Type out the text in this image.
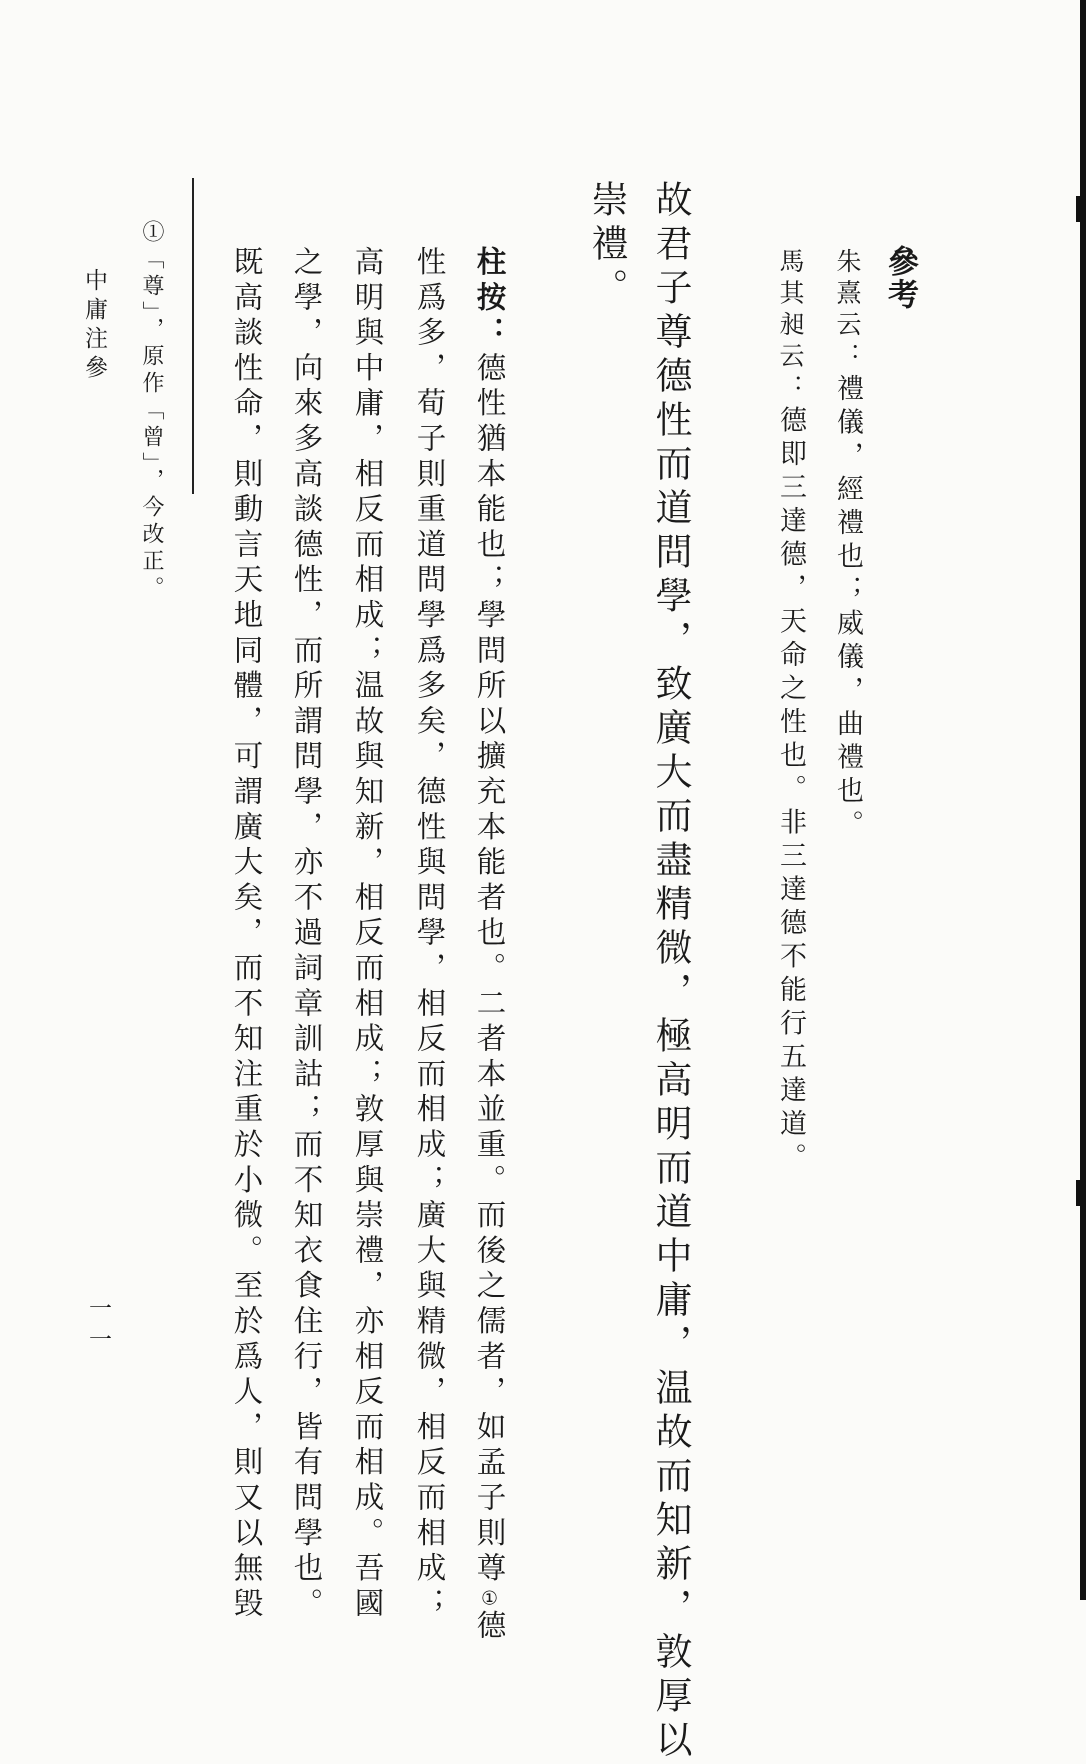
參考
朱熹云：禮儀，經禮也；威儀，曲禮也。
馬其昶云：德即三達德，天命之性也。非三達德不能行五達道。
故君子尊德性而道問學，致廣大而盡精微，極高明而道中庸，温故而知新，敦厚以
崇禮。
柱按：德性猶本能也；學問所以擴充本能者也。二者本並重。而後之儒者，如孟子則尊①德
性爲多，荀子則重道問學爲多矣，德性與問學，相反而相成；廣大與精微，相反而相成；
高明與中庸，相反而相成；温故與知新，相反而相成；敦厚與崇禮，亦相反而相成。吾國
之學，向來多高談德性，而所謂問學，亦不過詞章訓詁；而不知衣食住行，皆有問學也。
既高談性命，則動言天地同體，可謂廣大矣，而不知注重於小微。至於爲人，則又以無毁
①「尊」，原作「曾」，今改正。
中庸注參
一一
